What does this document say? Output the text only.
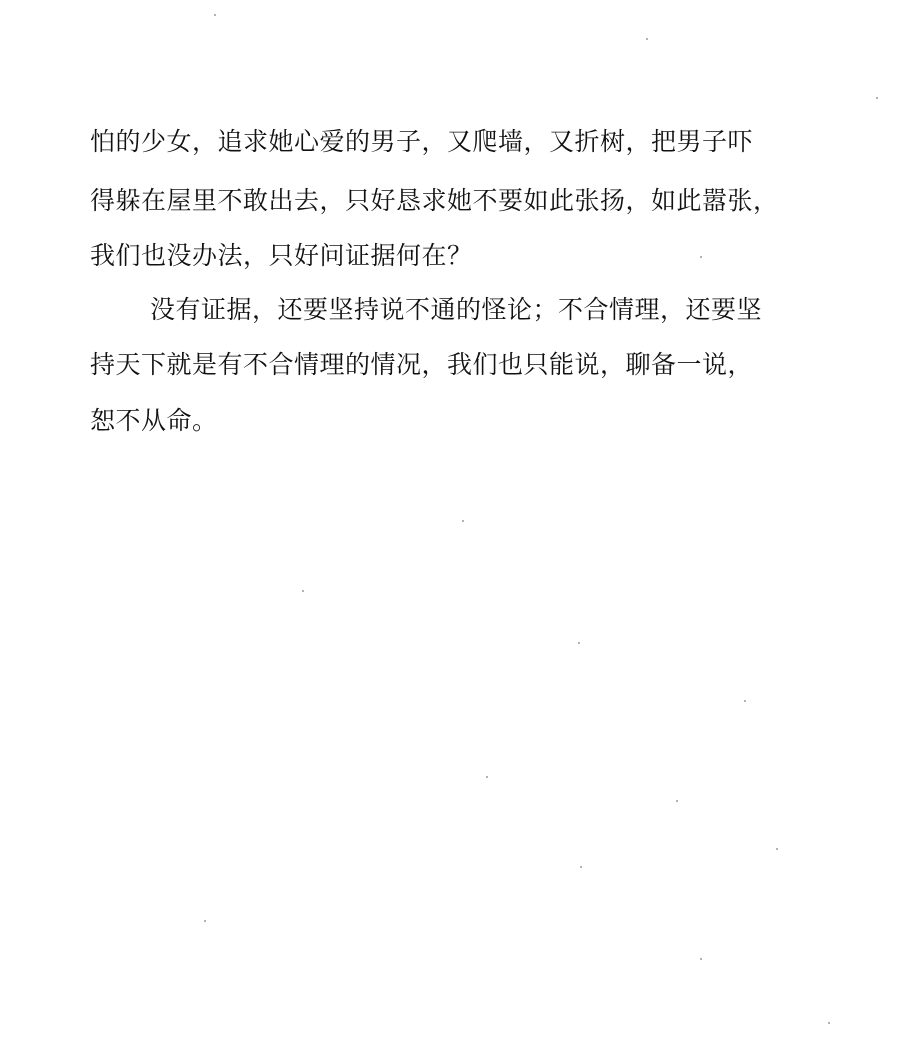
怕的少女，追求她心爱的男子，又爬墙，又折树，把男子吓
得躲在屋里不敢出去，只好恳求她不要如此张扬，如此嚣张，
我们也没办法，只好问证据何在？
没有证据，还要坚持说不通的怪论；不合情理，还要坚
持天下就是有不合情理的情况，我们也只能说，聊备一说，
恕不从命。
